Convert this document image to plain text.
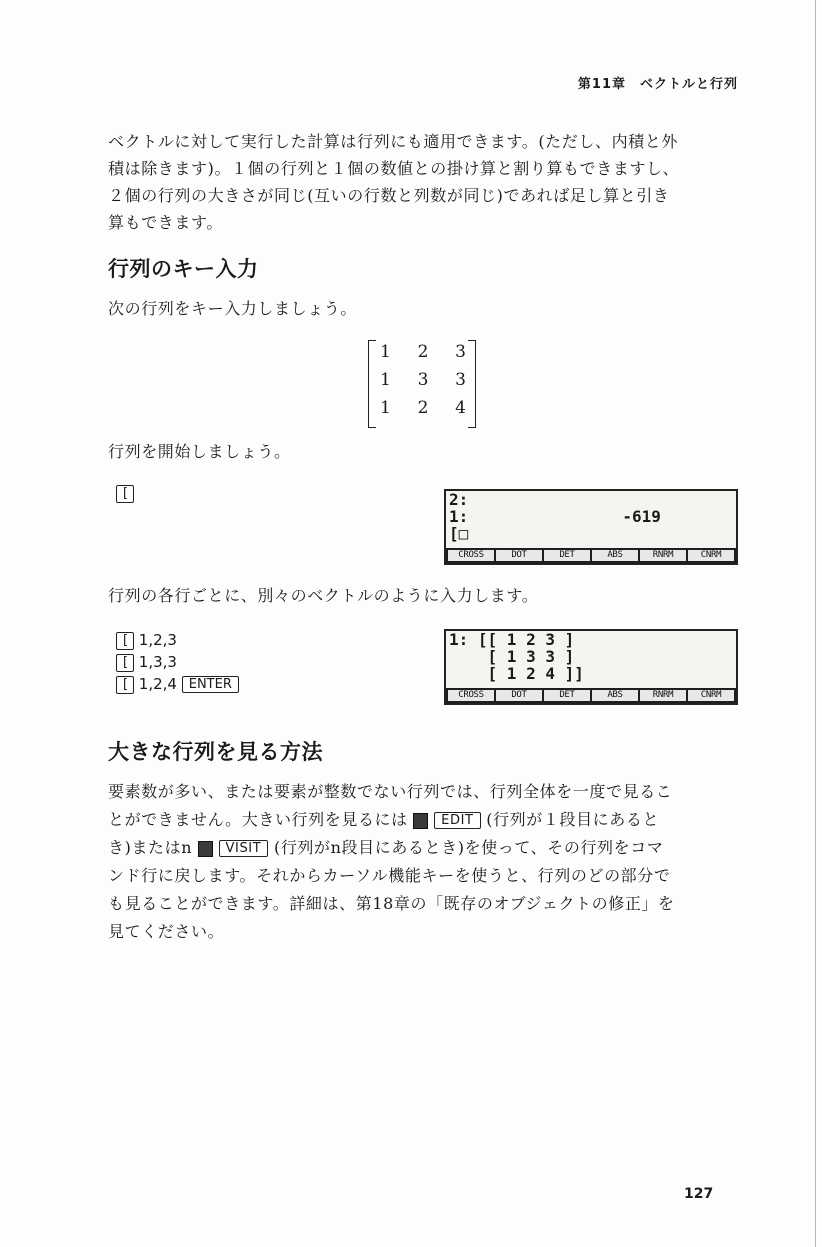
第11章　ベクトルと行列
ベクトルに対して実行した計算は行列にも適用できます。(ただし、内積と外
積は除きます)。１個の行列と１個の数値との掛け算と割り算もできますし、
２個の行列の大きさが同じ(互いの行数と列数が同じ)であれば足し算と引き
算もできます。
行列のキー入力
次の行列をキー入力しましょう。
1 2 3
1 3 3
1 2 4
行列を開始しましょう。
[	2:
1:                -619
[□
CROSS	DOT	DET	ABS	RNRM	CNRM
行列の各行ごとに、別々のベクトルのように入力します。
[ 1,2,3
[ 1,3,3
[ 1,2,4 ENTER
1: [[ 1 2 3 ]
[ 1 3 3 ]
[ 1 2 4 ]]
CROSS	DOT	DET	ABS	RNRM	CNRM
大きな行列を見る方法
要素数が多い、または要素が整数でない行列では、行列全体を一度で見るこ
とができません。大きい行列を見るには	EDIT (行列が１段目にあると
き)またはn	VISIT (行列がn段目にあるとき)を使って、その行列をコマ
ンド行に戻します。それからカーソル機能キーを使うと、行列のどの部分で
も見ることができます。詳細は、第18章の「既存のオブジェクトの修正」を
見てください。
127
